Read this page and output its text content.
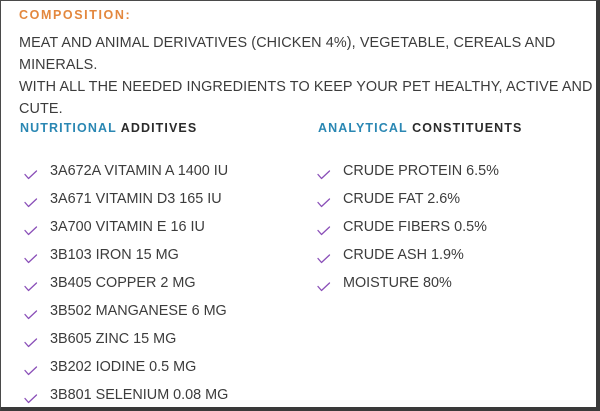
COMPOSITION:

MEAT AND ANIMAL DERIVATIVES (CHICKEN 4%), VEGETABLE, CEREALS AND MINERALS.
WITH ALL THE NEEDED INGREDIENTS TO KEEP YOUR PET HEALTHY, ACTIVE AND CUTE.

NUTRITIONAL ADDITIVES
3A672A VITAMIN A 1400 IU
3A671 VITAMIN D3 165 IU
3A700 VITAMIN E 16 IU
3B103 IRON 15 MG
3B405 COPPER 2 MG
3B502 MANGANESE 6 MG
3B605 ZINC 15 MG
3B202 IODINE 0.5 MG
3B801 SELENIUM 0.08 MG
ANALYTICAL CONSTITUENTS
CRUDE PROTEIN 6.5%
CRUDE FAT 2.6%
CRUDE FIBERS 0.5%
CRUDE ASH 1.9%
MOISTURE 80%
